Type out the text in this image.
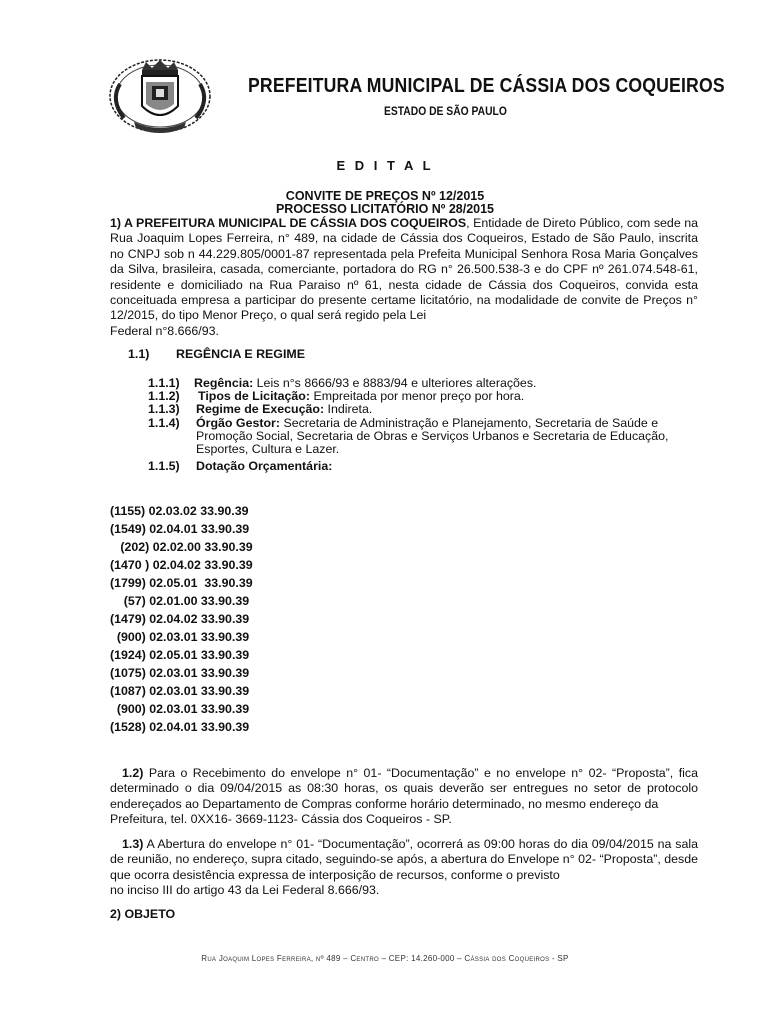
PREFEITURA MUNICIPAL DE CÁSSIA DOS COQUEIROS
ESTADO DE SÃO PAULO
E D I T A L
CONVITE DE PREÇOS Nº 12/2015
PROCESSO LICITATÓRIO Nº 28/2015
1) A PREFEITURA MUNICIPAL DE CÁSSIA DOS COQUEIROS, Entidade de Direto Público, com sede na Rua Joaquim Lopes Ferreira, n° 489, na cidade de Cássia dos Coqueiros, Estado de São Paulo, inscrita no CNPJ sob n 44.229.805/0001-87 representada pela Prefeita Municipal Senhora Rosa Maria Gonçalves da Silva, brasileira, casada, comerciante, portadora do RG n° 26.500.538-3 e do CPF nº 261.074.548-61, residente e domiciliado na Rua Paraiso nº 61, nesta cidade de Cássia dos Coqueiros, convida esta conceituada empresa a participar do presente certame licitatório, na modalidade de convite de Preços n° 12/2015, do tipo Menor Preço, o qual será regido pela Lei
Federal n°8.666/93.
1.1) REGÊNCIA E REGIME
1.1.1) Regência: Leis n°s 8666/93 e 8883/94 e ulteriores alterações.
1.1.2) Tipos de Licitação: Empreitada por menor preço por hora.
1.1.3) Regime de Execução: Indireta.
1.1.4) Órgão Gestor: Secretaria de Administração e Planejamento, Secretaria de Saúde e Promoção Social, Secretaria de Obras e Serviços Urbanos e Secretaria de Educação, Esportes, Cultura e Lazer.
1.1.5) Dotação Orçamentária:
(1155) 02.03.02 33.90.39
(1549) 02.04.01 33.90.39
(202) 02.02.00 33.90.39
(1470 ) 02.04.02 33.90.39
(1799) 02.05.01  33.90.39
(57) 02.01.00 33.90.39
(1479) 02.04.02 33.90.39
(900) 02.03.01 33.90.39
(1924) 02.05.01 33.90.39
(1075) 02.03.01 33.90.39
(1087) 02.03.01 33.90.39
(900) 02.03.01 33.90.39
(1528) 02.04.01 33.90.39
1.2) Para o Recebimento do envelope n° 01- “Documentação” e no envelope n° 02- “Proposta”, fica determinado o dia 09/04/2015 as 08:30 horas, os quais deverão ser entregues no setor de protocolo endereçados ao Departamento de Compras conforme horário determinado, no mesmo endereço da
Prefeitura, tel. 0XX16- 3669-1123- Cássia dos Coqueiros - SP.
1.3) A Abertura do envelope n° 01- “Documentação”, ocorrerá as 09:00 horas do dia 09/04/2015 na sala de reunião, no endereço, supra citado, seguindo-se após, a abertura do Envelope n° 02- “Proposta”, desde que ocorra desistência expressa de interposição de recursos, conforme o previsto
no inciso III do artigo 43 da Lei Federal 8.666/93.
2) OBJETO
Rua Joaquim Lopes Ferreira, nº 489 – Centro – CEP: 14.260-000 – Cássia dos Coqueiros - SP
